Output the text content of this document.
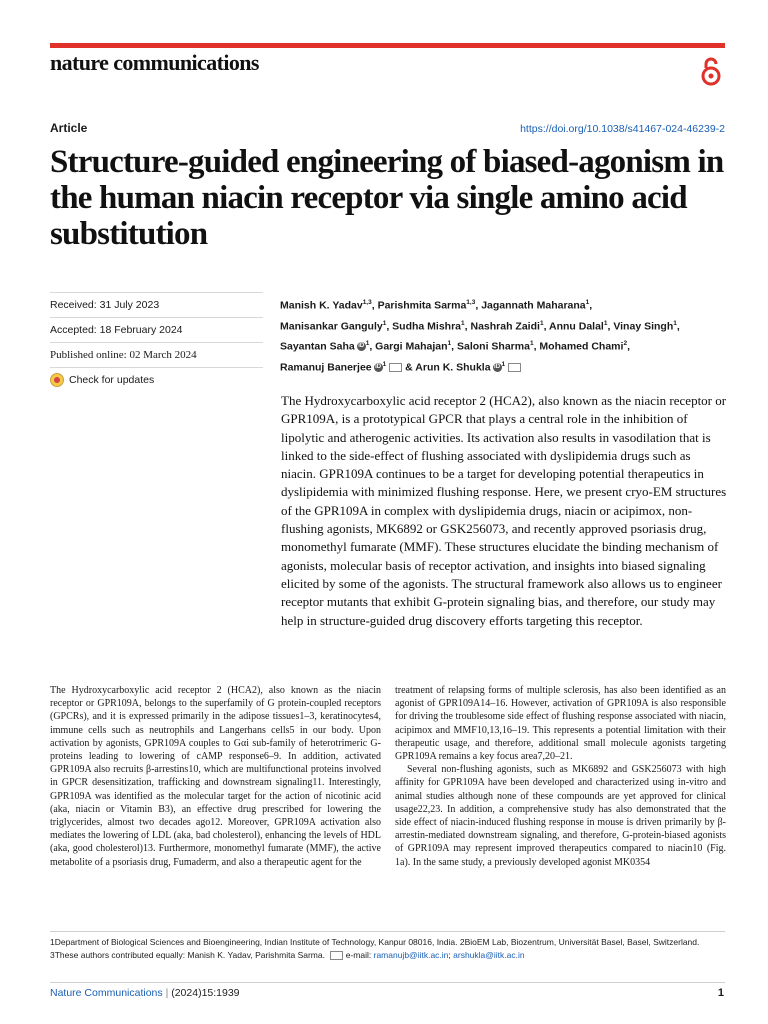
nature communications
Article	https://doi.org/10.1038/s41467-024-46239-2
Structure-guided engineering of biased-agonism in the human niacin receptor via single amino acid substitution
Received: 31 July 2023
Accepted: 18 February 2024
Published online: 02 March 2024
Check for updates
Manish K. Yadav$^{1,3}$, Parishmita Sarma$^{1,3}$, Jagannath Maharana$^1$,
Manisankar Ganguly$^1$, Sudha Mishra$^1$, Nashrah Zaidi$^1$, Annu Dalal$^1$, Vinay Singh$^1$,
Sayantan Saha iD $^1$, Gargi Mahajan$^1$, Saloni Sharma$^1$, Mohamed Chami$^2$,
Ramanuj Banerjee iD $^1$ & Arun K. Shukla iD $^1$

The Hydroxycarboxylic acid receptor 2 (HCA2), also known as the niacin receptor or GPR109A, is a prototypical GPCR that plays a central role in the inhibition of lipolytic and atherogenic activities. Its activation also results in vasodilation that is linked to the side-effect of flushing associated with dyslipidemia drugs such as niacin. GPR109A continues to be a target for developing potential therapeutics in dyslipidemia with minimized flushing response. Here, we present cryo-EM structures of the GPR109A in complex with dyslipidemia drugs, niacin or acipimox, non-flushing agonists, MK6892 or GSK256073, and recently approved psoriasis drug, monomethyl fumarate (MMF). These structures elucidate the binding mechanism of agonists, molecular basis of receptor activation, and insights into biased signaling elicited by some of the agonists. The structural framework also allows us to engineer receptor mutants that exhibit G-protein signaling bias, and therefore, our study may help in structure-guided drug discovery efforts targeting this receptor.

The Hydroxycarboxylic acid receptor 2 (HCA2), also known as the niacin receptor or GPR109A, belongs to the superfamily of G protein-coupled receptors (GPCRs), and it is expressed primarily in the adipose tissues1–3, keratinocytes4, immune cells such as neutrophils and Langerhans cells5 in our body. Upon activation by agonists, GPR109A couples to Gαi sub-family of heterotrimeric G-proteins leading to lowering of cAMP response6–9. In addition, activated GPR109A also recruits β-arrestins10, which are multifunctional proteins involved in GPCR desensitization, trafficking and downstream signaling11. Interestingly, GPR109A was identified as the molecular target for the action of nicotinic acid (aka, niacin or Vitamin B3), an effective drug prescribed for lowering the triglycerides, almost two decades ago12. Moreover, GPR109A activation also mediates the lowering of LDL (aka, bad cholesterol), enhancing the levels of HDL (aka, good cholesterol)13. Furthermore, monomethyl fumarate (MMF), the active metabolite of a psoriasis drug, Fumaderm, and also a therapeutic agent for the

treatment of relapsing forms of multiple sclerosis, has also been identified as an agonist of GPR109A14–16. However, activation of GPR109A is also responsible for driving the troublesome side effect of flushing response associated with niacin, acipimox and MMF10,13,16–19. This represents a potential limitation with their therapeutic usage, and therefore, additional small molecule agonists targeting GPR109A remains a key focus area7,20–21.

Several non-flushing agonists, such as MK6892 and GSK256073 with high affinity for GPR109A have been developed and characterized using in-vitro and animal studies although none of these compounds are yet approved for clinical usage22,23. In addition, a comprehensive study has also demonstrated that the side effect of niacin-induced flushing response in mouse is driven primarily by β-arrestin-mediated downstream signaling, and therefore, G-protein-biased agonists of GPR109A may represent improved therapeutics compared to niacin10 (Fig. 1a). In the same study, a previously developed agonist MK0354

1Department of Biological Sciences and Bioengineering, Indian Institute of Technology, Kanpur 08016, India. 2BioEM Lab, Biozentrum, Universität Basel, Basel, Switzerland. 3These authors contributed equally: Manish K. Yadav, Parishmita Sarma. e-mail: ramanujb@iitk.ac.in; arshukla@iitk.ac.in
Nature Communications | (2024)15:1939	1
